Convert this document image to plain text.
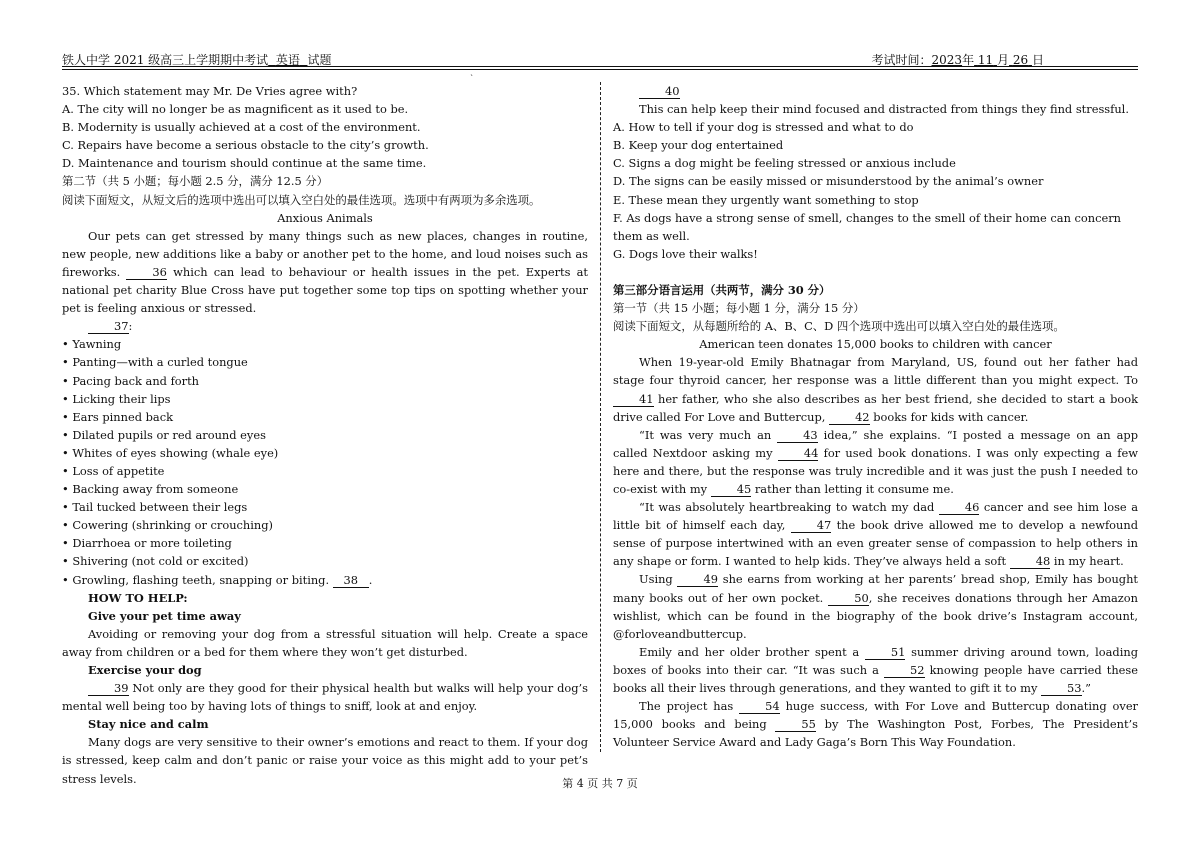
铁人中学 2021 级高三上学期期中考试 英语 试题	考试时间：2023年 11 月 26 日
`

35. Which statement may Mr. De Vries agree with?

A. The city will no longer be as magnificent as it used to be.

B. Modernity is usually achieved at a cost of the environment.

C. Repairs have become a serious obstacle to the city’s growth.

D. Maintenance and tourism should continue at the same time.

第二节（共 5 小题；每小题 2.5 分，满分 12.5 分）

阅读下面短文，从短文后的选项中选出可以填入空白处的最佳选项。选项中有两项为多余选项。

Anxious Animals

Our pets can get stressed by many things such as new places, changes in routine, new people, new additions like a baby or another pet to the home, and loud noises such as fireworks.	36 which can lead to behaviour or health issues in the pet. Experts at national pet charity Blue Cross have put together some top tips on spotting whether your pet is feeling anxious or stressed.

37:

• Yawning

• Panting—with a curled tongue

• Pacing back and forth

• Licking their lips

• Ears pinned back

• Dilated pupils or red around eyes

• Whites of eyes showing (whale eye)

• Loss of appetite

• Backing away from someone

• Tail tucked between their legs

• Cowering (shrinking or crouching)

• Diarrhoea or more toileting

• Shivering (not cold or excited)

• Growling, flashing teeth, snapping or biting. 38 .

HOW TO HELP:

Give your pet time away

Avoiding or removing your dog from a stressful situation will help. Create a space away from children or a bed for them where they won’t get disturbed.

Exercise your dog

39 Not only are they good for their physical health but walks will help your dog’s mental well being too by having lots of things to sniff, look at and enjoy.

Stay nice and calm

Many dogs are very sensitive to their owner’s emotions and react to them. If your dog is stressed, keep calm and don’t panic or raise your voice as this might add to your pet’s stress levels.

40

This can help keep their mind focused and distracted from things they find stressful.

A. How to tell if your dog is stressed and what to do

B. Keep your dog entertained

C. Signs a dog might be feeling stressed or anxious include

D. The signs can be easily missed or misunderstood by the animal’s owner

E. These mean they urgently want something to stop

F. As dogs have a strong sense of smell, changes to the smell of their home can concern them as well.

G. Dogs love their walks!

第三部分语言运用（共两节，满分 30 分）

第一节（共 15 小题；每小题 1 分，满分 15 分）

阅读下面短文，从每题所给的 A、B、C、D 四个选项中选出可以填入空白处的最佳选项。

American teen donates 15,000 books to children with cancer

When 19-year-old Emily Bhatnagar from Maryland, US, found out her father had stage four thyroid cancer, her response was a little different than you might expect. To 41 her father, who she also describes as her best friend, she decided to start a book drive called For Love and Buttercup,	42 books for kids with cancer.

“It was very much an	43 idea,” she explains. “I posted a message on an app called Nextdoor asking my	44 for used book donations. I was only expecting a few here and there, but the response was truly incredible and it was just the push I needed to co-exist with my	45 rather than letting it consume me.

“It was absolutely heartbreaking to watch my dad	46 cancer and see him lose a little bit of himself each day,	47 the book drive allowed me to develop a newfound sense of purpose intertwined with an even greater sense of compassion to help others in any shape or form. I wanted to help kids. They’ve always held a soft	48 in my heart.

Using	49 she earns from working at her parents’ bread shop, Emily has bought many books out of her own pocket.	50, she receives donations through her Amazon wishlist, which can be found in the biography of the book drive’s Instagram account, @forloveandbuttercup.

Emily and her older brother spent a	51 summer driving around town, loading boxes of books into their car. “It was such a	52 knowing people have carried these books all their lives through generations, and they wanted to gift it to my	53.”

The project has	54 huge success, with For Love and Buttercup donating over 15,000 books and being	55 by The Washington Post, Forbes, The President’s Volunteer Service Award and Lady Gaga’s Born This Way Foundation.

第 4 页 共 7 页
